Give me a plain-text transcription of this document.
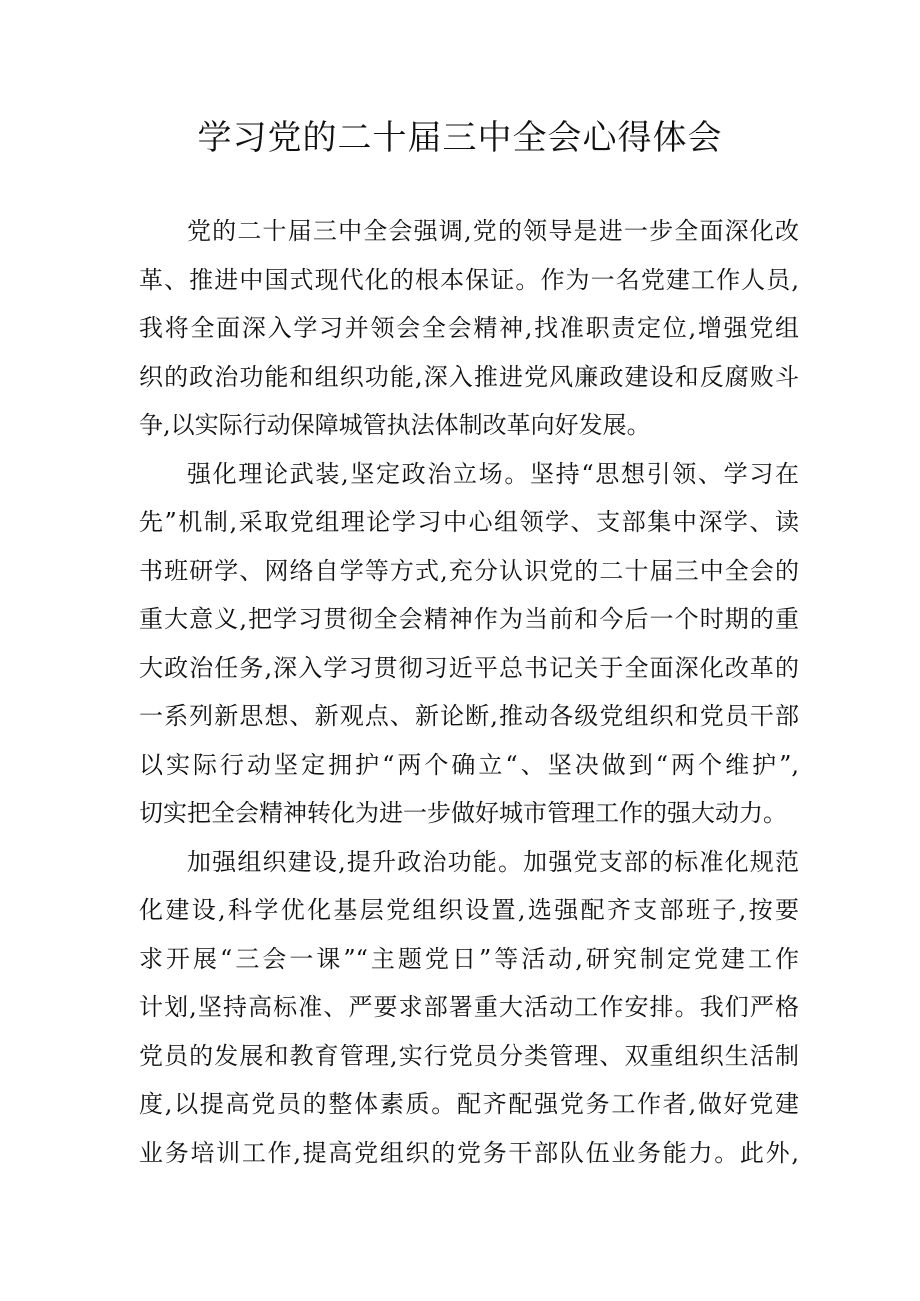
学习党的二十届三中全会心得体会

党的二十届三中全会强调,党的领导是进一步全面深化改
革、推进中国式现代化的根本保证。作为一名党建工作人员,
我将全面深入学习并领会全会精神,找准职责定位,增强党组
织的政治功能和组织功能,深入推进党风廉政建设和反腐败斗
争,以实际行动保障城管执法体制改革向好发展。

强化理论武装,坚定政治立场。坚持“思想引领、学习在
先”机制,采取党组理论学习中心组领学、支部集中深学、读
书班研学、网络自学等方式,充分认识党的二十届三中全会的
重大意义,把学习贯彻全会精神作为当前和今后一个时期的重
大政治任务,深入学习贯彻习近平总书记关于全面深化改革的
一系列新思想、新观点、新论断,推动各级党组织和党员干部
以实际行动坚定拥护“两个确立“、坚决做到“两个维护”,
切实把全会精神转化为进一步做好城市管理工作的强大动力。

加强组织建设,提升政治功能。加强党支部的标准化规范
化建设,科学优化基层党组织设置,选强配齐支部班子,按要
求开展“三会一课”“主题党日”等活动,研究制定党建工作
计划,坚持高标准、严要求部署重大活动工作安排。我们严格
党员的发展和教育管理,实行党员分类管理、双重组织生活制
度,以提高党员的整体素质。配齐配强党务工作者,做好党建
业务培训工作,提高党组织的党务干部队伍业务能力。此外,
